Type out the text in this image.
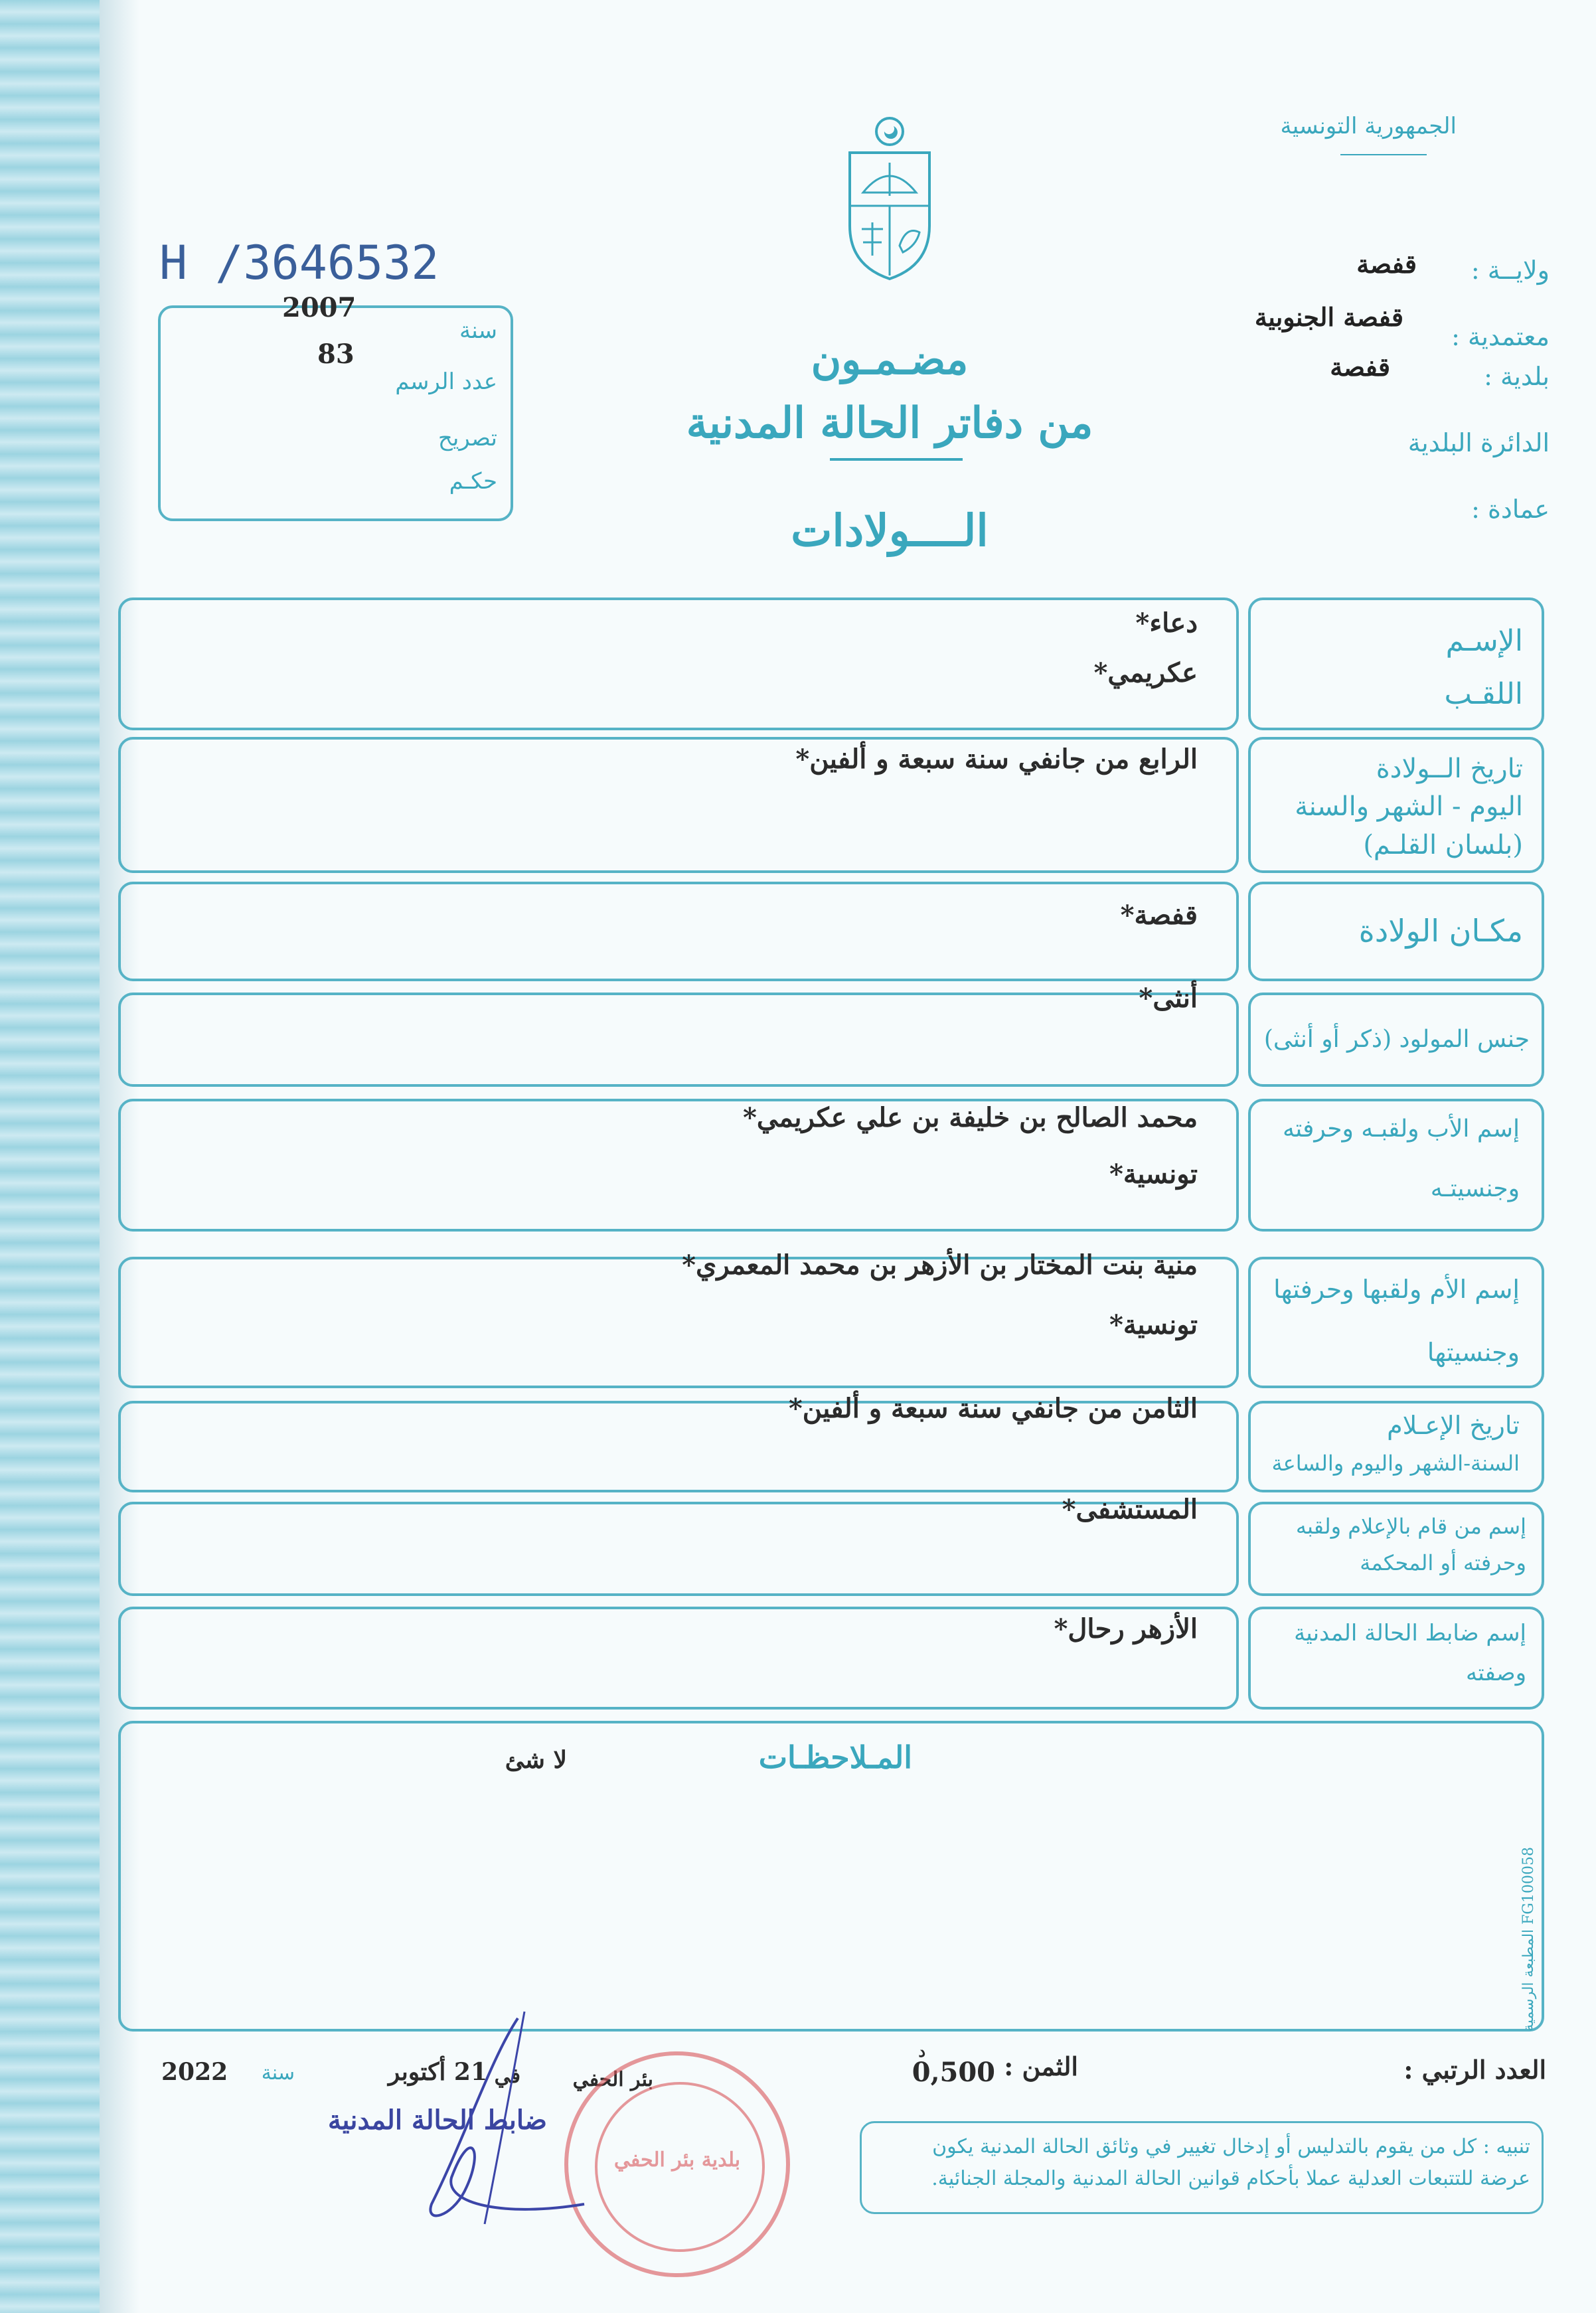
الجمهورية التونسية
ولايــة :
قفصة
معتمدية :
قفصة الجنوبية
بلدية :
قفصة
الدائرة البلدية
عمادة :
H /3646532
سنة
2007
عدد الرسم
83
تصريح
حكـم
مضـمـون
من دفاتر الحالة المدنية
الــــولادات
الإسـم
اللقـب
دعاء*
عكريمي*
تاريخ الــولادة
اليوم - الشهر والسنة
(بلسان القلـم)
الرابع من جانفي سنة سبعة و ألفين*
مكـان الولادة
قفصة*
جنس المولود (ذكر أو أنثى)
أنثى*
إسم الأب ولقبـه وحرفته
وجنسيتـه
محمد الصالح بن خليفة بن علي عكريمي*
تونسية*
إسم الأم ولقبها وحرفتها
وجنسيتها
منية بنت المختار بن الأزهر بن محمد المعمري*
تونسية*
تاريخ الإعـلام
السنة-الشهر واليوم والساعة
الثامن من جانفي سنة سبعة و ألفين*
إسم من قام بالإعلام ولقبه
وحرفته أو المحكمة
المستشفى*
إسم ضابط الحالة المدنية
وصفته
الأزهر رحال*
المـلاحظـات
لا شئ
المطبعة الرسمية FG100058
العدد الرتبي :
الثمن :
0,500
د
بئر الحفي
في
21 أكتوبر
سنة
2022
ضابط الحالة المدنية
تنبيه : كل من يقوم بالتدليس أو إدخال تغيير في وثائق الحالة المدنية يكون عرضة للتتبعات العدلية عملا بأحكام قوانين الحالة المدنية والمجلة الجنائية.
بلدية بئر الحفي
